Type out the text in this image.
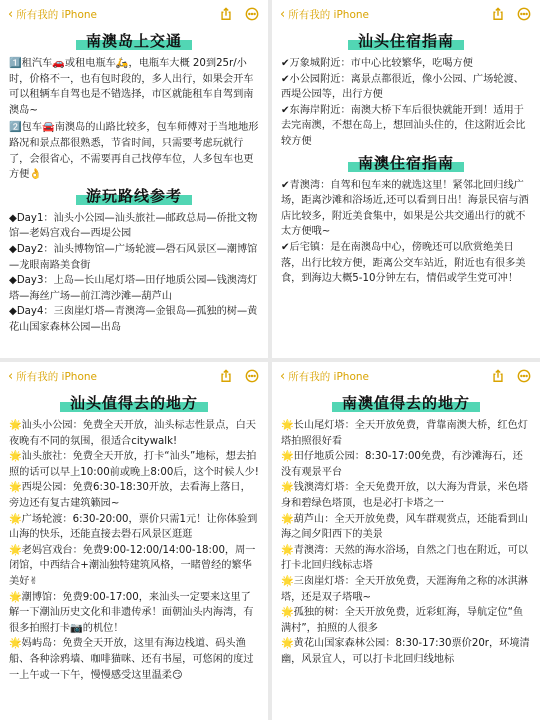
‹ 所有我的 iPhone
南澳岛上交通
1️⃣租汽车🚗或租电瓶车🛵，电瓶车大概 20到25r/小时，价格不一，也有包时段的，多人出行，如果会开车可以租辆车自驾也是不错选择，市区就能租车自驾到南澳岛~
2️⃣包车🚘南澳岛的山路比较多，包车师傅对于当地地形路况和景点都很熟悉，节省时间，只需要考虑玩就行了，会很省心，不需要再自己找停车位，人多包车也更方便👌
游玩路线参考
◆Day1：汕头小公园—汕头旅社—邮政总局—侨批文物馆—老妈宫戏台—西堤公园
◆Day2：汕头博物馆—广场轮渡—礐石风景区—潮博馆—龙眼南路美食街
◆Day3：上岛—长山尾灯塔—田仔地质公园—钱澳湾灯塔—海丝广场—前江湾沙滩—葫芦山
◆Day4：三囱崖灯塔—青澳湾—金银岛—孤独的树—黄花山国家森林公园—出岛
‹ 所有我的 iPhone
汕头住宿指南
✔万象城附近：市中心比较繁华，吃喝方便
✔小公园附近：离景点都很近，像小公园、广场轮渡、西堤公园等，出行方便
✔东海岸附近：南澳大桥下车后很快就能开到！适用于去完南澳，不想在岛上，想回汕头住的，住这附近会比较方便
南澳住宿指南
✔青澳湾：自驾和包车来的就选这里！紧邻北回归线广场，距离沙滩和浴场近,还可以看到日出！海景民宿与酒店比较多，附近美食集中，如果是公共交通出行的就不太方便哦~
✔后宅镇：是在南澳岛中心，傍晚还可以欣赏绝美日落，出行比较方便，距离公交车站近，附近也有很多美食，到海边大概5-10分钟左右，情侣或学生党可冲！
‹ 所有我的 iPhone
汕头值得去的地方
🌟汕头小公园：免费全天开放，汕头标志性景点，白天夜晚有不同的氛围，很适合citywalk!
🌟汕头旅社：免费全天开放，打卡“汕头”地标，想去拍照的话可以早上10:00前或晚上8:00后，这个时候人少!
🌟西堤公园：免费6:30-18:30开放，去看海上落日，旁边还有复古建筑籁园~
🌟广场轮渡：6:30-20:00，票价只需1元！让你体验到山海的快乐，还能直接去礐石风景区逛逛
🌟老妈宫戏台：免费9:00-12:00/14:00-18:00，周一闭馆，中西结合+潮汕独特建筑风格，一睹曾经的繁华美好✌
🌟潮博馆：免费9:00-17:00，来汕头一定要来这里了解一下潮汕历史文化和非遗传承！面朝汕头内海湾，有很多拍照打卡📷的机位！
🌟妈屿岛：免费全天开放，这里有海边栈道、码头渔船、各种涂鸦墙、咖啡猫咪、还有书屋，可悠闲的度过一上午或一下午，慢慢感受这里温柔😏
‹ 所有我的 iPhone
南澳值得去的地方
🌟长山尾灯塔：全天开放免费，背靠南澳大桥，红色灯塔拍照很好看
🌟田仔地质公园：8:30-17:00免费，有沙滩海石，还没有观景平台
🌟钱澳湾灯塔：全天免费开放，以大海为背景，米色塔身和碧绿色塔顶，也是必打卡塔之一
🌟葫芦山：全天开放免费，风车群观赏点，还能看到山海之间夕阳西下的美景
🌟青澳湾：天然的海水浴场，自然之门也在附近，可以打卡北回归线标志塔
🌟三囱崖灯塔：全天开放免费，天涯海角之称的冰淇淋塔，还是双子塔哦~
🌟孤独的树：全天开放免费，近彩虹海，导航定位“鱼满村”，拍照的人很多
🌟黄花山国家森林公园：8:30-17:30票价20r，环境清幽，风景宜人，可以打卡北回归线地标
